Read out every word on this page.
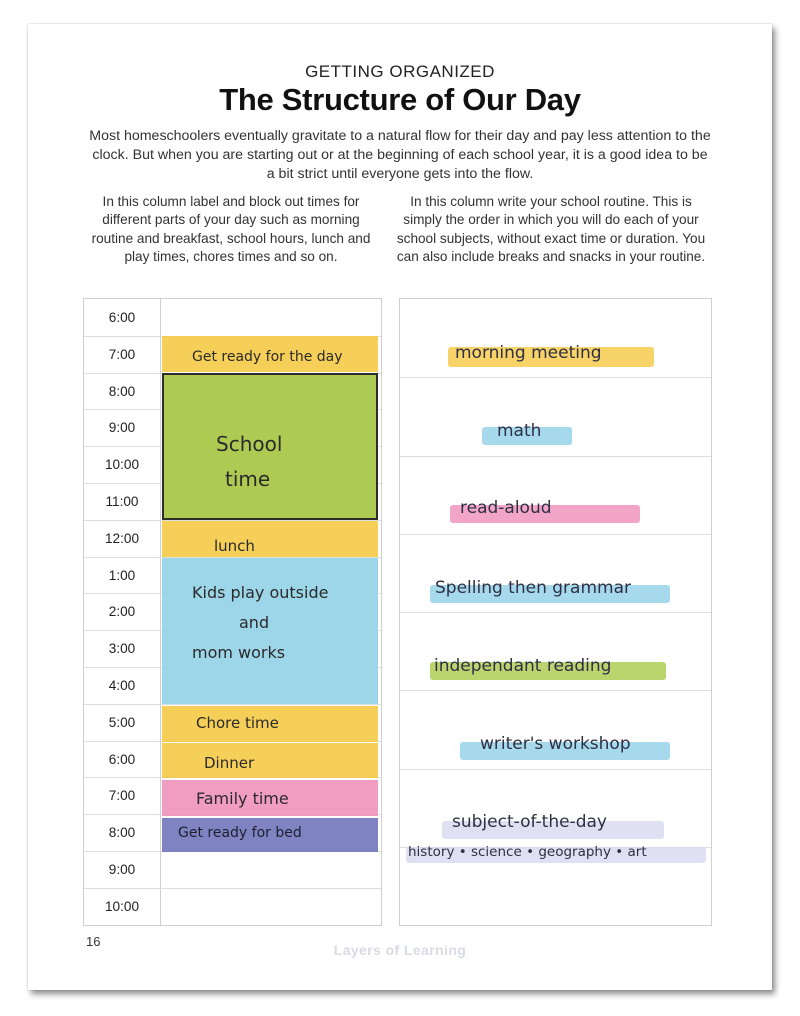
GETTING ORGANIZED
The Structure of Our Day
Most homeschoolers eventually gravitate to a natural flow for their day and pay less attention to the clock. But when you are starting out or at the beginning of each school year, it is a good idea to be a bit strict until everyone gets into the flow.
In this column label and block out times for different parts of your day such as morning routine and breakfast, school hours, lunch and play times, chores times and so on.
In this column write your school routine. This is simply the order in which you will do each of your school subjects, without exact time or duration. You can also include breaks and snacks in your routine.
6:00
7:00
8:00
9:00
10:00
11:00
12:00
1:00
2:00
3:00
4:00
5:00
6:00
7:00
8:00
9:00
10:00
Get ready for the day
School
time
lunch
Kids play outside
and
mom works
Chore time
Dinner
Family time
Get ready for bed
morning meeting
math
read-aloud
Spelling then grammar
independant reading
writer's workshop
subject-of-the-day
history • science • geography • art
16
Layers of Learning
